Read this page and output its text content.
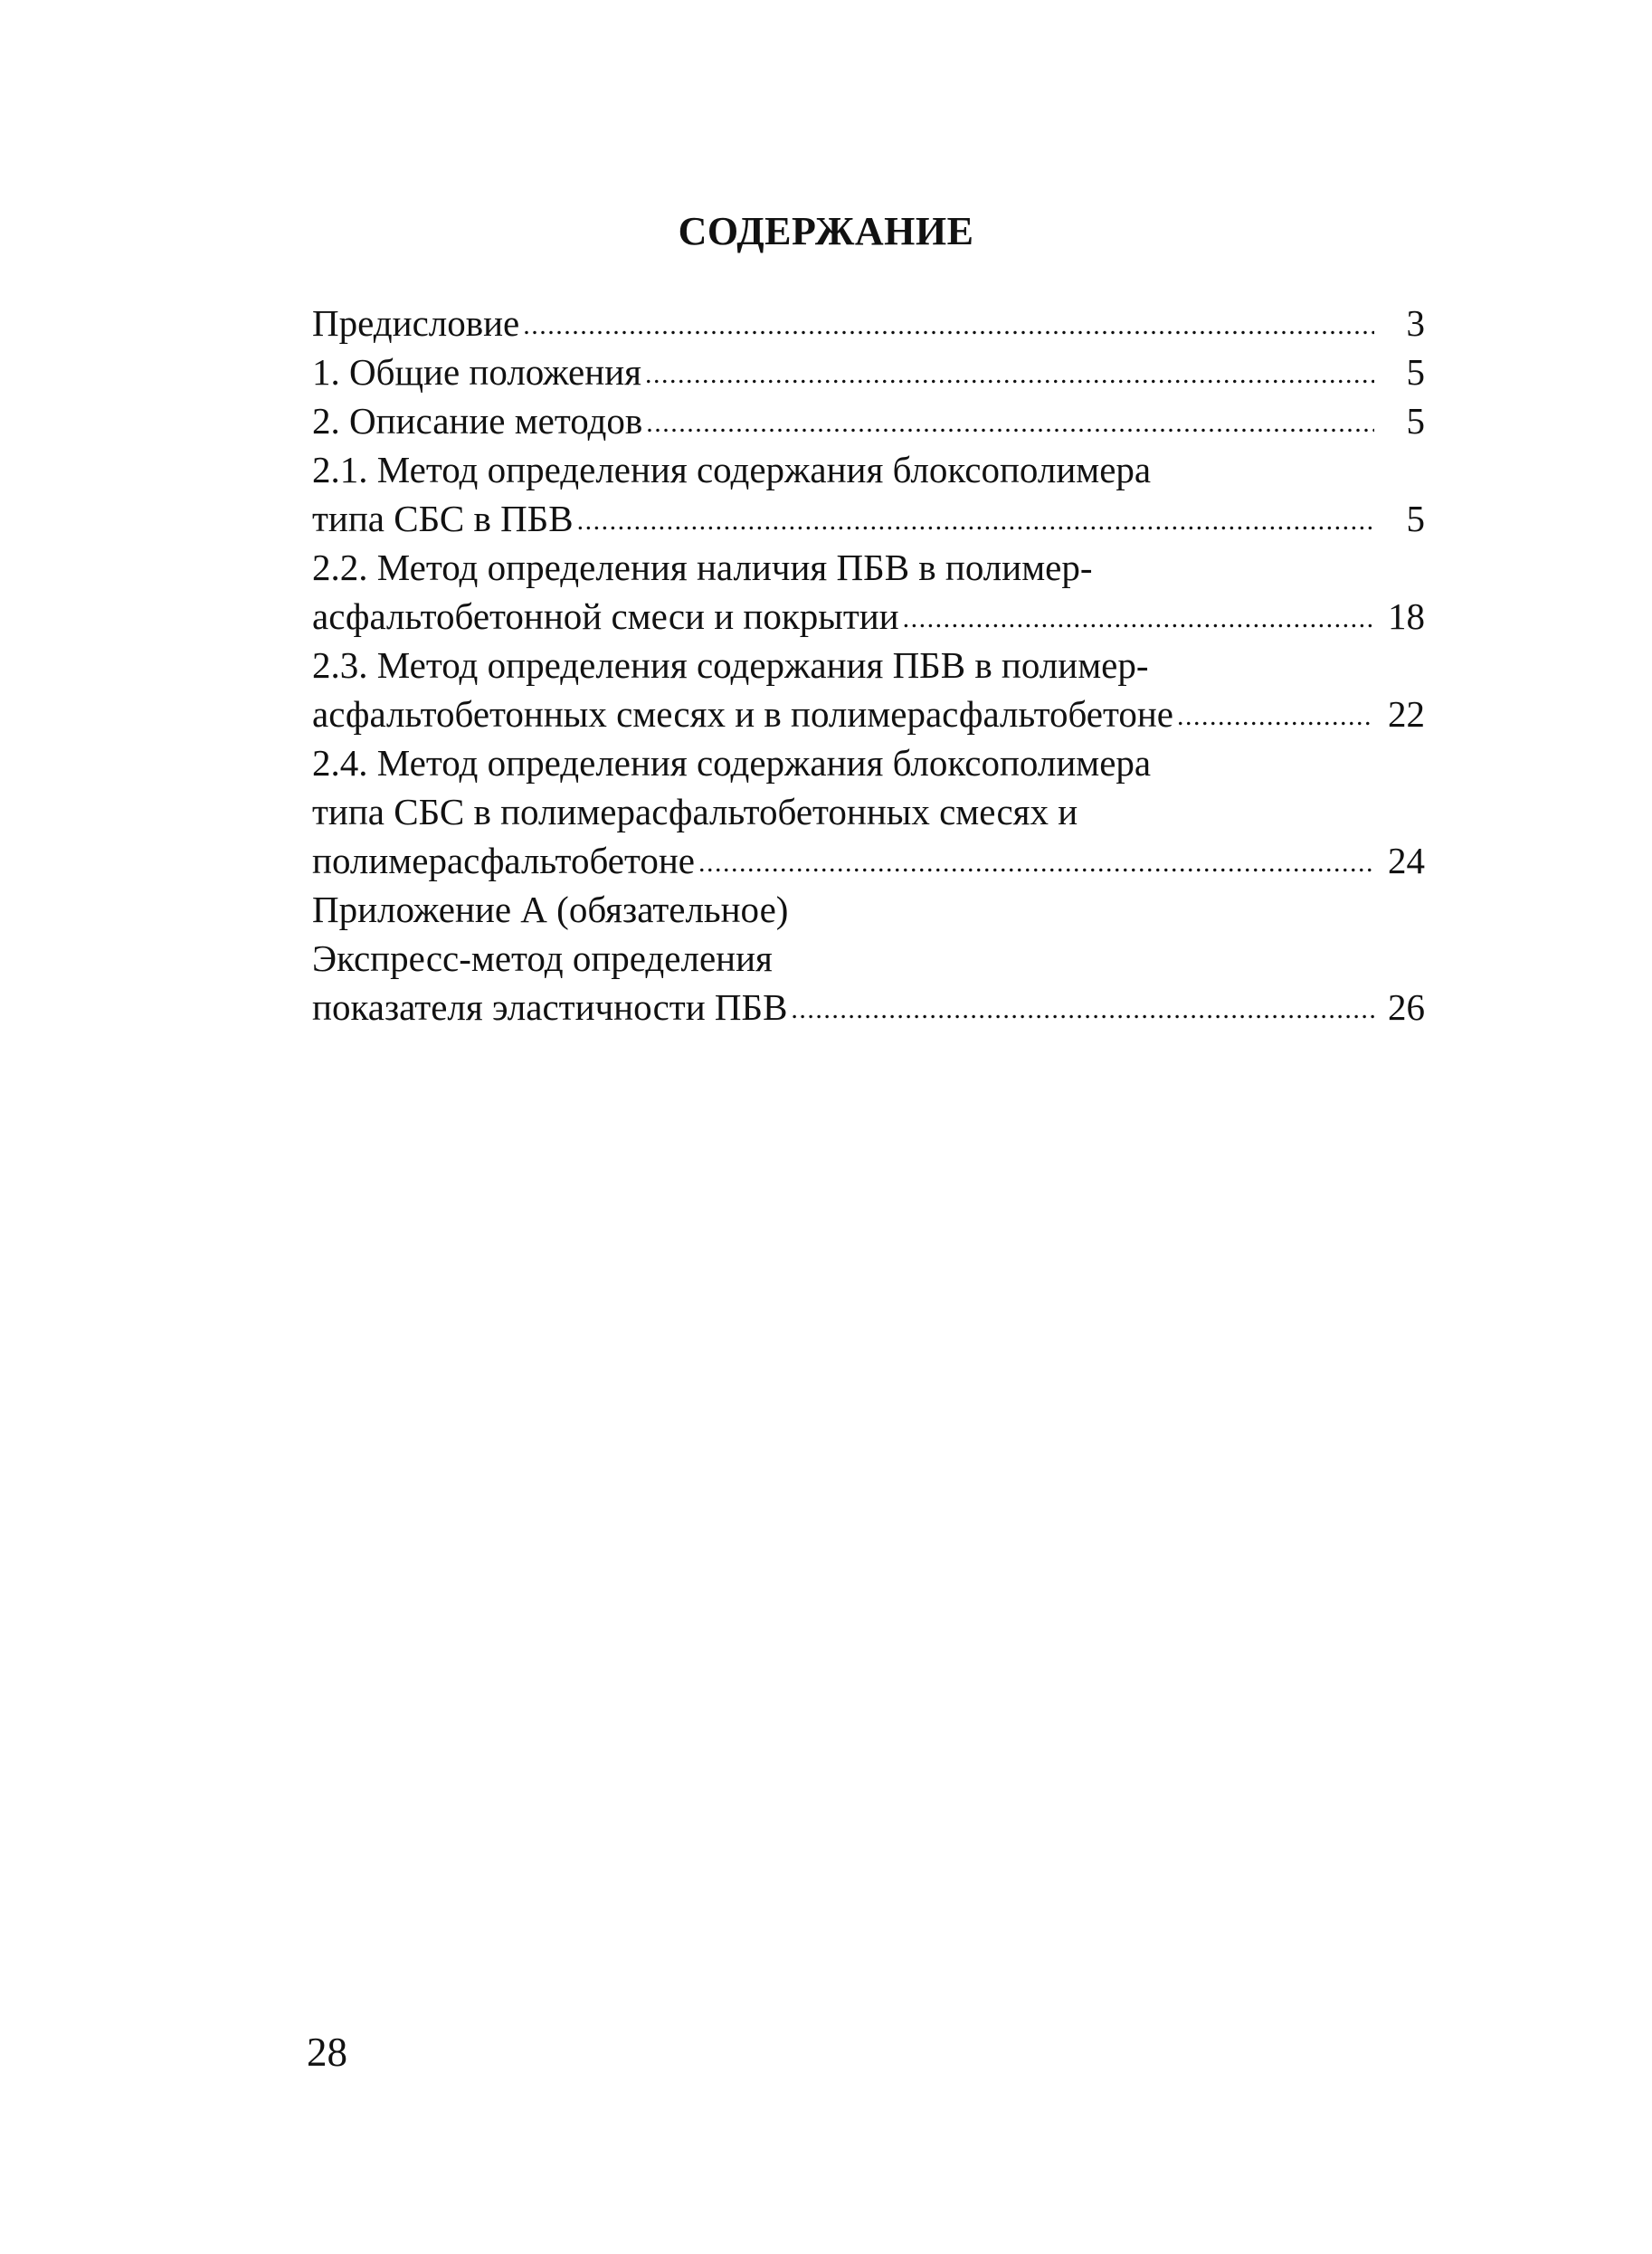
СОДЕРЖАНИЕ
Предисловие . . .	3
1. Общие положения . . .	5
2. Описание методов . . .	5
2.1. Метод определения содержания блоксополимера
типа СБС в ПБВ . . .	5
2.2. Метод определения наличия ПБВ в полимер-
асфальтобетонной смеси и покрытии . . .	18
2.3. Метод определения содержания ПБВ в полимер-
асфальтобетонных смесях и в полимерасфальтобетоне . . .	22
2.4. Метод определения содержания блоксополимера
типа СБС в полимерасфальтобетонных смесях и
полимерасфальтобетоне . . .	24
Приложение А (обязательное)
Экспресс-метод определения
показателя эластичности ПБВ . . .	26

28
